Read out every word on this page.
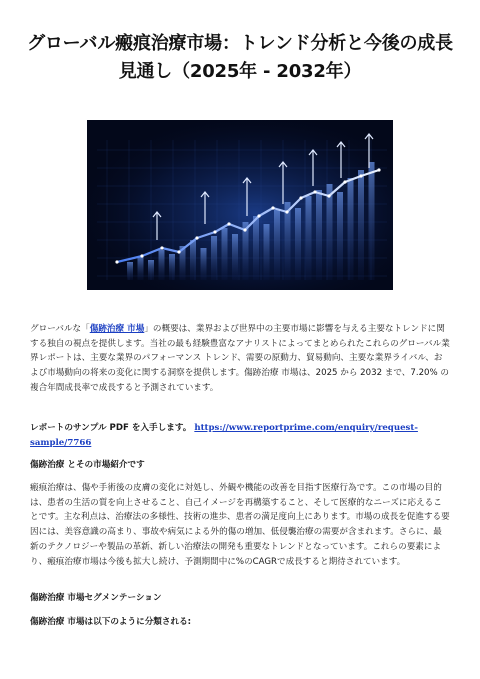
グローバル瘢痕治療市場：トレンド分析と今後の成長見通し（2025年 - 2032年）

グローバルな「傷跡治療 市場」の概要は、業界および世界中の主要市場に影響を与える主要なトレンドに関する独自の視点を提供します。当社の最も経験豊富なアナリストによってまとめられたこれらのグローバル業界レポートは、主要な業界のパフォーマンス トレンド、需要の原動力、貿易動向、主要な業界ライバル、および市場動向の将来の変化に関する洞察を提供します。傷跡治療 市場は、2025 から 2032 まで、7.20% の複合年間成長率で成長すると予測されています。

レポートのサンプル PDF を入手します。 https://www.reportprime.com/enquiry/request-sample/7766

傷跡治療 とその市場紹介です

瘢痕治療は、傷や手術後の皮膚の変化に対処し、外観や機能の改善を目指す医療行為です。この市場の目的は、患者の生活の質を向上させること、自己イメージを再構築すること、そして医療的なニーズに応えることです。主な利点は、治療法の多様性、技術の進歩、患者の満足度向上にあります。市場の成長を促進する要因には、美容意識の高まり、事故や病気による外的傷の増加、低侵襲治療の需要が含まれます。さらに、最新のテクノロジーや製品の革新、新しい治療法の開発も重要なトレンドとなっています。これらの要素により、瘢痕治療市場は今後も拡大し続け、予測期間中に%のCAGRで成長すると期待されています。

傷跡治療 市場セグメンテーション

傷跡治療 市場は以下のように分類される:
